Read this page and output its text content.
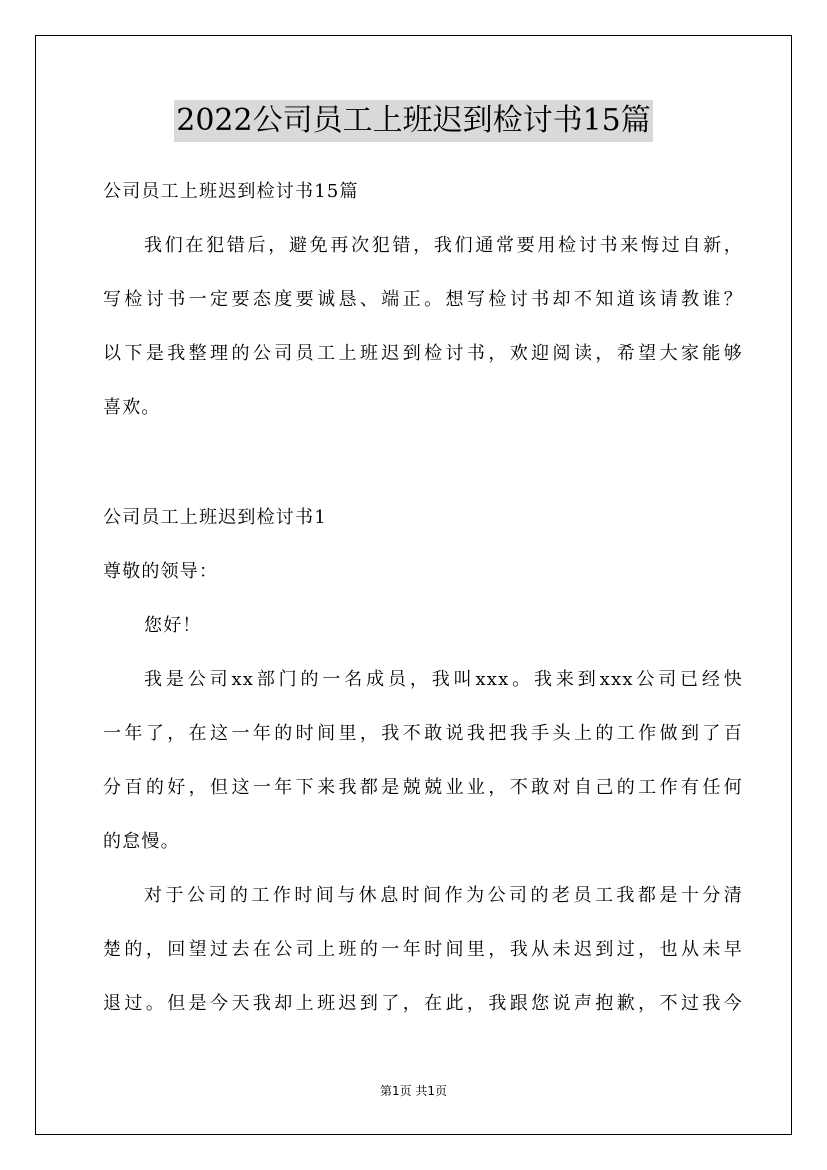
2022公司员工上班迟到检讨书15篇
公司员工上班迟到检讨书15篇
我们在犯错后，避免再次犯错，我们通常要用检讨书来悔过自新，
写检讨书一定要态度要诚恳、端正。想写检讨书却不知道该请教谁？
以下是我整理的公司员工上班迟到检讨书，欢迎阅读，希望大家能够
喜欢。
公司员工上班迟到检讨书1
尊敬的领导：
您好！
我是公司xx部门的一名成员，我叫xxx。我来到xxx公司已经快
一年了，在这一年的时间里，我不敢说我把我手头上的工作做到了百
分百的好，但这一年下来我都是兢兢业业，不敢对自己的工作有任何
的怠慢。
对于公司的工作时间与休息时间作为公司的老员工我都是十分清
楚的，回望过去在公司上班的一年时间里，我从未迟到过，也从未早
退过。但是今天我却上班迟到了，在此，我跟您说声抱歉，不过我今
第1页 共1页
